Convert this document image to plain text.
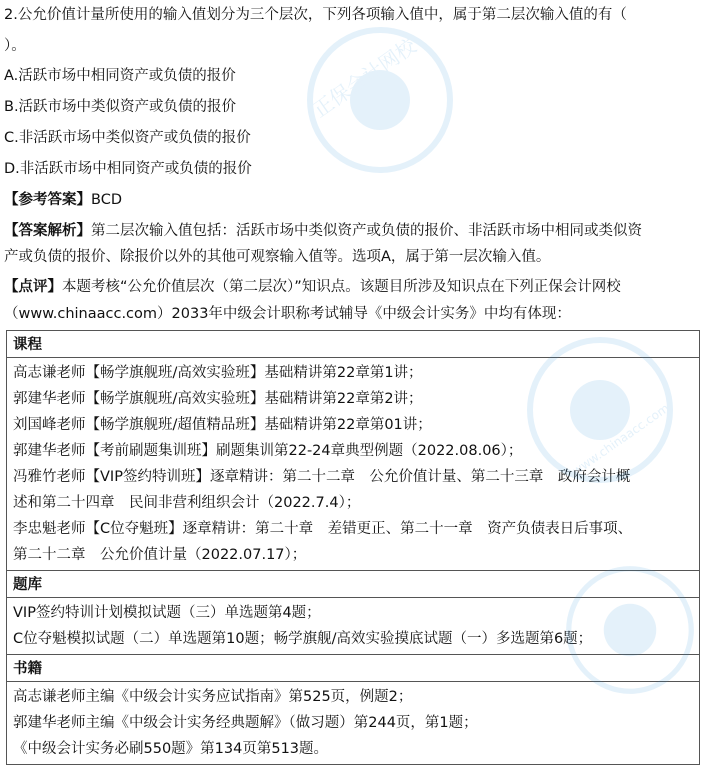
2.公允价值计量所使用的输入值划分为三个层次，下列各项输入值中，属于第二层次输入值的有（

）。

A.活跃市场中相同资产或负债的报价

B.活跃市场中类似资产或负债的报价

C.非活跃市场中类似资产或负债的报价

D.非活跃市场中相同资产或负债的报价

【参考答案】BCD

【答案解析】第二层次输入值包括：活跃市场中类似资产或负债的报价、非活跃市场中相同或类似资

产或负债的报价、除报价以外的其他可观察输入值等。选项A，属于第一层次输入值。

【点评】本题考核“公允价值层次（第二层次）”知识点。该题目所涉及知识点在下列正保会计网校

（www.chinaacc.com）2033年中级会计职称考试辅导《中级会计实务》中均有体现：

课程

高志谦老师【畅学旗舰班/高效实验班】基础精讲第22章第1讲；
郭建华老师【畅学旗舰班/高效实验班】基础精讲第22章第2讲；
刘国峰老师【畅学旗舰班/超值精品班】基础精讲第22章第01讲；
郭建华老师【考前刷题集训班】刷题集训第22-24章典型例题（2022.08.06）；
冯雅竹老师【VIP签约特训班】逐章精讲：第二十二章　公允价值计量、第二十三章　政府会计概
述和第二十四章　民间非营利组织会计（2022.7.4）；
李忠魁老师【C位夺魁班】逐章精讲：第二十章　差错更正、第二十一章　资产负债表日后事项、
第二十二章　公允价值计量（2022.07.17）；

题库

VIP签约特训计划模拟试题（三）单选题第4题；
C位夺魁模拟试题（二）单选题第10题；畅学旗舰/高效实验摸底试题（一）多选题第6题；

书籍

高志谦老师主编《中级会计实务应试指南》第525页，例题2；
郭建华老师主编《中级会计实务经典题解》（做习题）第244页，第1题；
《中级会计实务必刷550题》第134页第513题。
正保会计网校
www.chinaacc.com
